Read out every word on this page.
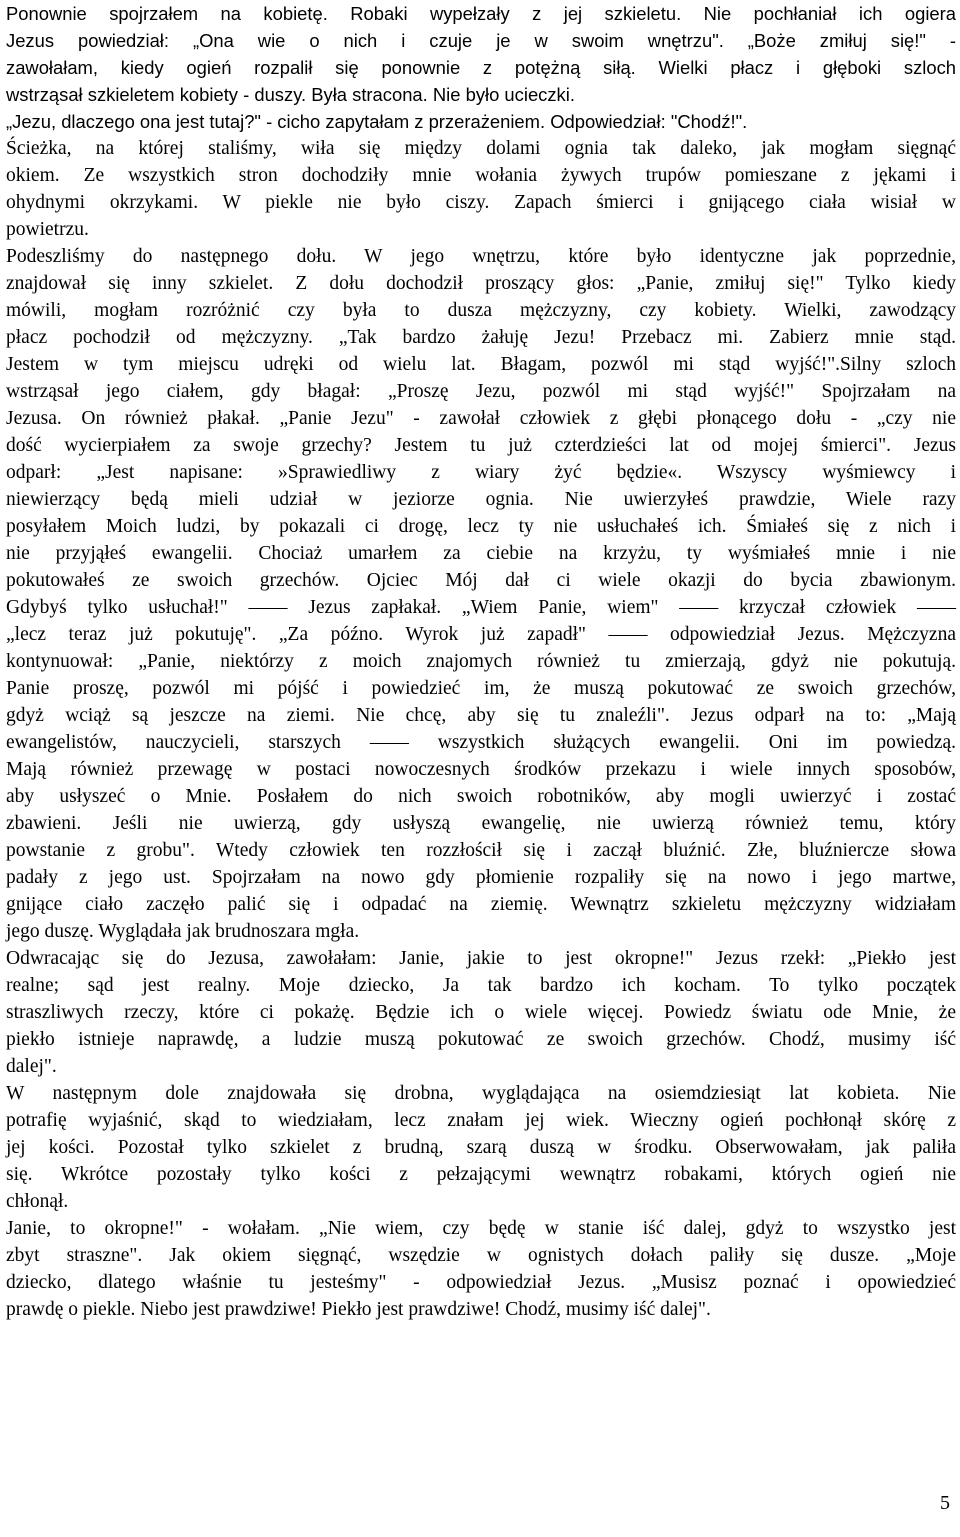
Ponownie spojrzałem na kobietę. Robaki wypełzały z jej szkieletu. Nie pochłaniał ich ogiera
Jezus powiedział: „Ona wie o nich i czuje je w swoim wnętrzu". „Boże zmiłuj się!" -
zawołałam, kiedy ogień rozpalił się ponownie z potężną siłą. Wielki płacz i głęboki szloch
wstrząsał szkieletem kobiety - duszy. Była stracona. Nie było ucieczki.
„Jezu, dlaczego ona jest tutaj?" - cicho zapytałam z przerażeniem. Odpowiedział: "Chodź!".
Ścieżka, na której staliśmy, wiła się między dolami ognia tak daleko, jak mogłam sięgnąć
okiem. Ze wszystkich stron dochodziły mnie wołania żywych trupów pomieszane z jękami i
ohydnymi okrzykami. W piekle nie było ciszy. Zapach śmierci i gnijącego ciała wisiał w
powietrzu.
Podeszliśmy do następnego dołu. W jego wnętrzu, które było identyczne jak poprzednie,
znajdował się inny szkielet. Z dołu dochodził proszący głos: „Panie, zmiłuj się!" Tylko kiedy
mówili, mogłam rozróżnić czy była to dusza mężczyzny, czy kobiety. Wielki, zawodzący
płacz pochodził od mężczyzny. „Tak bardzo żałuję Jezu! Przebacz mi. Zabierz mnie stąd.
Jestem w tym miejscu udręki od wielu lat. Błagam, pozwól mi stąd wyjść!".Silny szloch
wstrząsał jego ciałem, gdy błagał: „Proszę Jezu, pozwól mi stąd wyjść!" Spojrzałam na
Jezusa. On również płakał. „Panie Jezu" - zawołał człowiek z głębi płonącego dołu - „czy nie
dość wycierpiałem za swoje grzechy? Jestem tu już czterdzieści lat od mojej śmierci". Jezus
odparł: „Jest napisane: »Sprawiedliwy z wiary żyć będzie«. Wszyscy wyśmiewcy i
niewierzący będą mieli udział w jeziorze ognia. Nie uwierzyłeś prawdzie, Wiele razy
posyłałem Moich ludzi, by pokazali ci drogę, lecz ty nie usłuchałeś ich. Śmiałeś się z nich i
nie przyjąłeś ewangelii. Chociaż umarłem za ciebie na krzyżu, ty wyśmiałeś mnie i nie
pokutowałeś ze swoich grzechów. Ojciec Mój dał ci wiele okazji do bycia zbawionym.
Gdybyś tylko usłuchał!" ―― Jezus zapłakał. „Wiem Panie, wiem" ―― krzyczał człowiek ――
„lecz teraz już pokutuję". „Za późno. Wyrok już zapadł" ―― odpowiedział Jezus. Mężczyzna
kontynuował: „Panie, niektórzy z moich znajomych również tu zmierzają, gdyż nie pokutują.
Panie proszę, pozwól mi pójść i powiedzieć im, że muszą pokutować ze swoich grzechów,
gdyż wciąż są jeszcze na ziemi. Nie chcę, aby się tu znaleźli". Jezus odparł na to: „Mają
ewangelistów, nauczycieli, starszych ―― wszystkich służących ewangelii. Oni im powiedzą.
Mają również przewagę w postaci nowoczesnych środków przekazu i wiele innych sposobów,
aby usłyszeć o Mnie. Posłałem do nich swoich robotników, aby mogli uwierzyć i zostać
zbawieni. Jeśli nie uwierzą, gdy usłyszą ewangelię, nie uwierzą również temu, który
powstanie z grobu". Wtedy człowiek ten rozzłościł się i zaczął bluźnić. Złe, bluźniercze słowa
padały z jego ust. Spojrzałam na nowo gdy płomienie rozpaliły się na nowo i jego martwe,
gnijące ciało zaczęło palić się i odpadać na ziemię. Wewnątrz szkieletu mężczyzny widziałam
jego duszę. Wyglądała jak brudnoszara mgła.
Odwracając się do Jezusa, zawołałam: Janie, jakie to jest okropne!" Jezus rzekł: „Piekło jest
realne; sąd jest realny. Moje dziecko, Ja tak bardzo ich kocham. To tylko początek
straszliwych rzeczy, które ci pokażę. Będzie ich o wiele więcej. Powiedz światu ode Mnie, że
piekło istnieje naprawdę, a ludzie muszą pokutować ze swoich grzechów. Chodź, musimy iść
dalej".
W następnym dole znajdowała się drobna, wyglądająca na osiemdziesiąt lat kobieta. Nie
potrafię wyjaśnić, skąd to wiedziałam, lecz znałam jej wiek. Wieczny ogień pochłonął skórę z
jej kości. Pozostał tylko szkielet z brudną, szarą duszą w środku. Obserwowałam, jak paliła
się. Wkrótce pozostały tylko kości z pełzającymi wewnątrz robakami, których ogień nie
chłonął.
Janie, to okropne!" - wołałam. „Nie wiem, czy będę w stanie iść dalej, gdyż to wszystko jest
zbyt straszne". Jak okiem sięgnąć, wszędzie w ognistych dołach paliły się dusze. „Moje
dziecko, dlatego właśnie tu jesteśmy" - odpowiedział Jezus. „Musisz poznać i opowiedzieć
prawdę o piekle. Niebo jest prawdziwe! Piekło jest prawdziwe! Chodź, musimy iść dalej".
5
